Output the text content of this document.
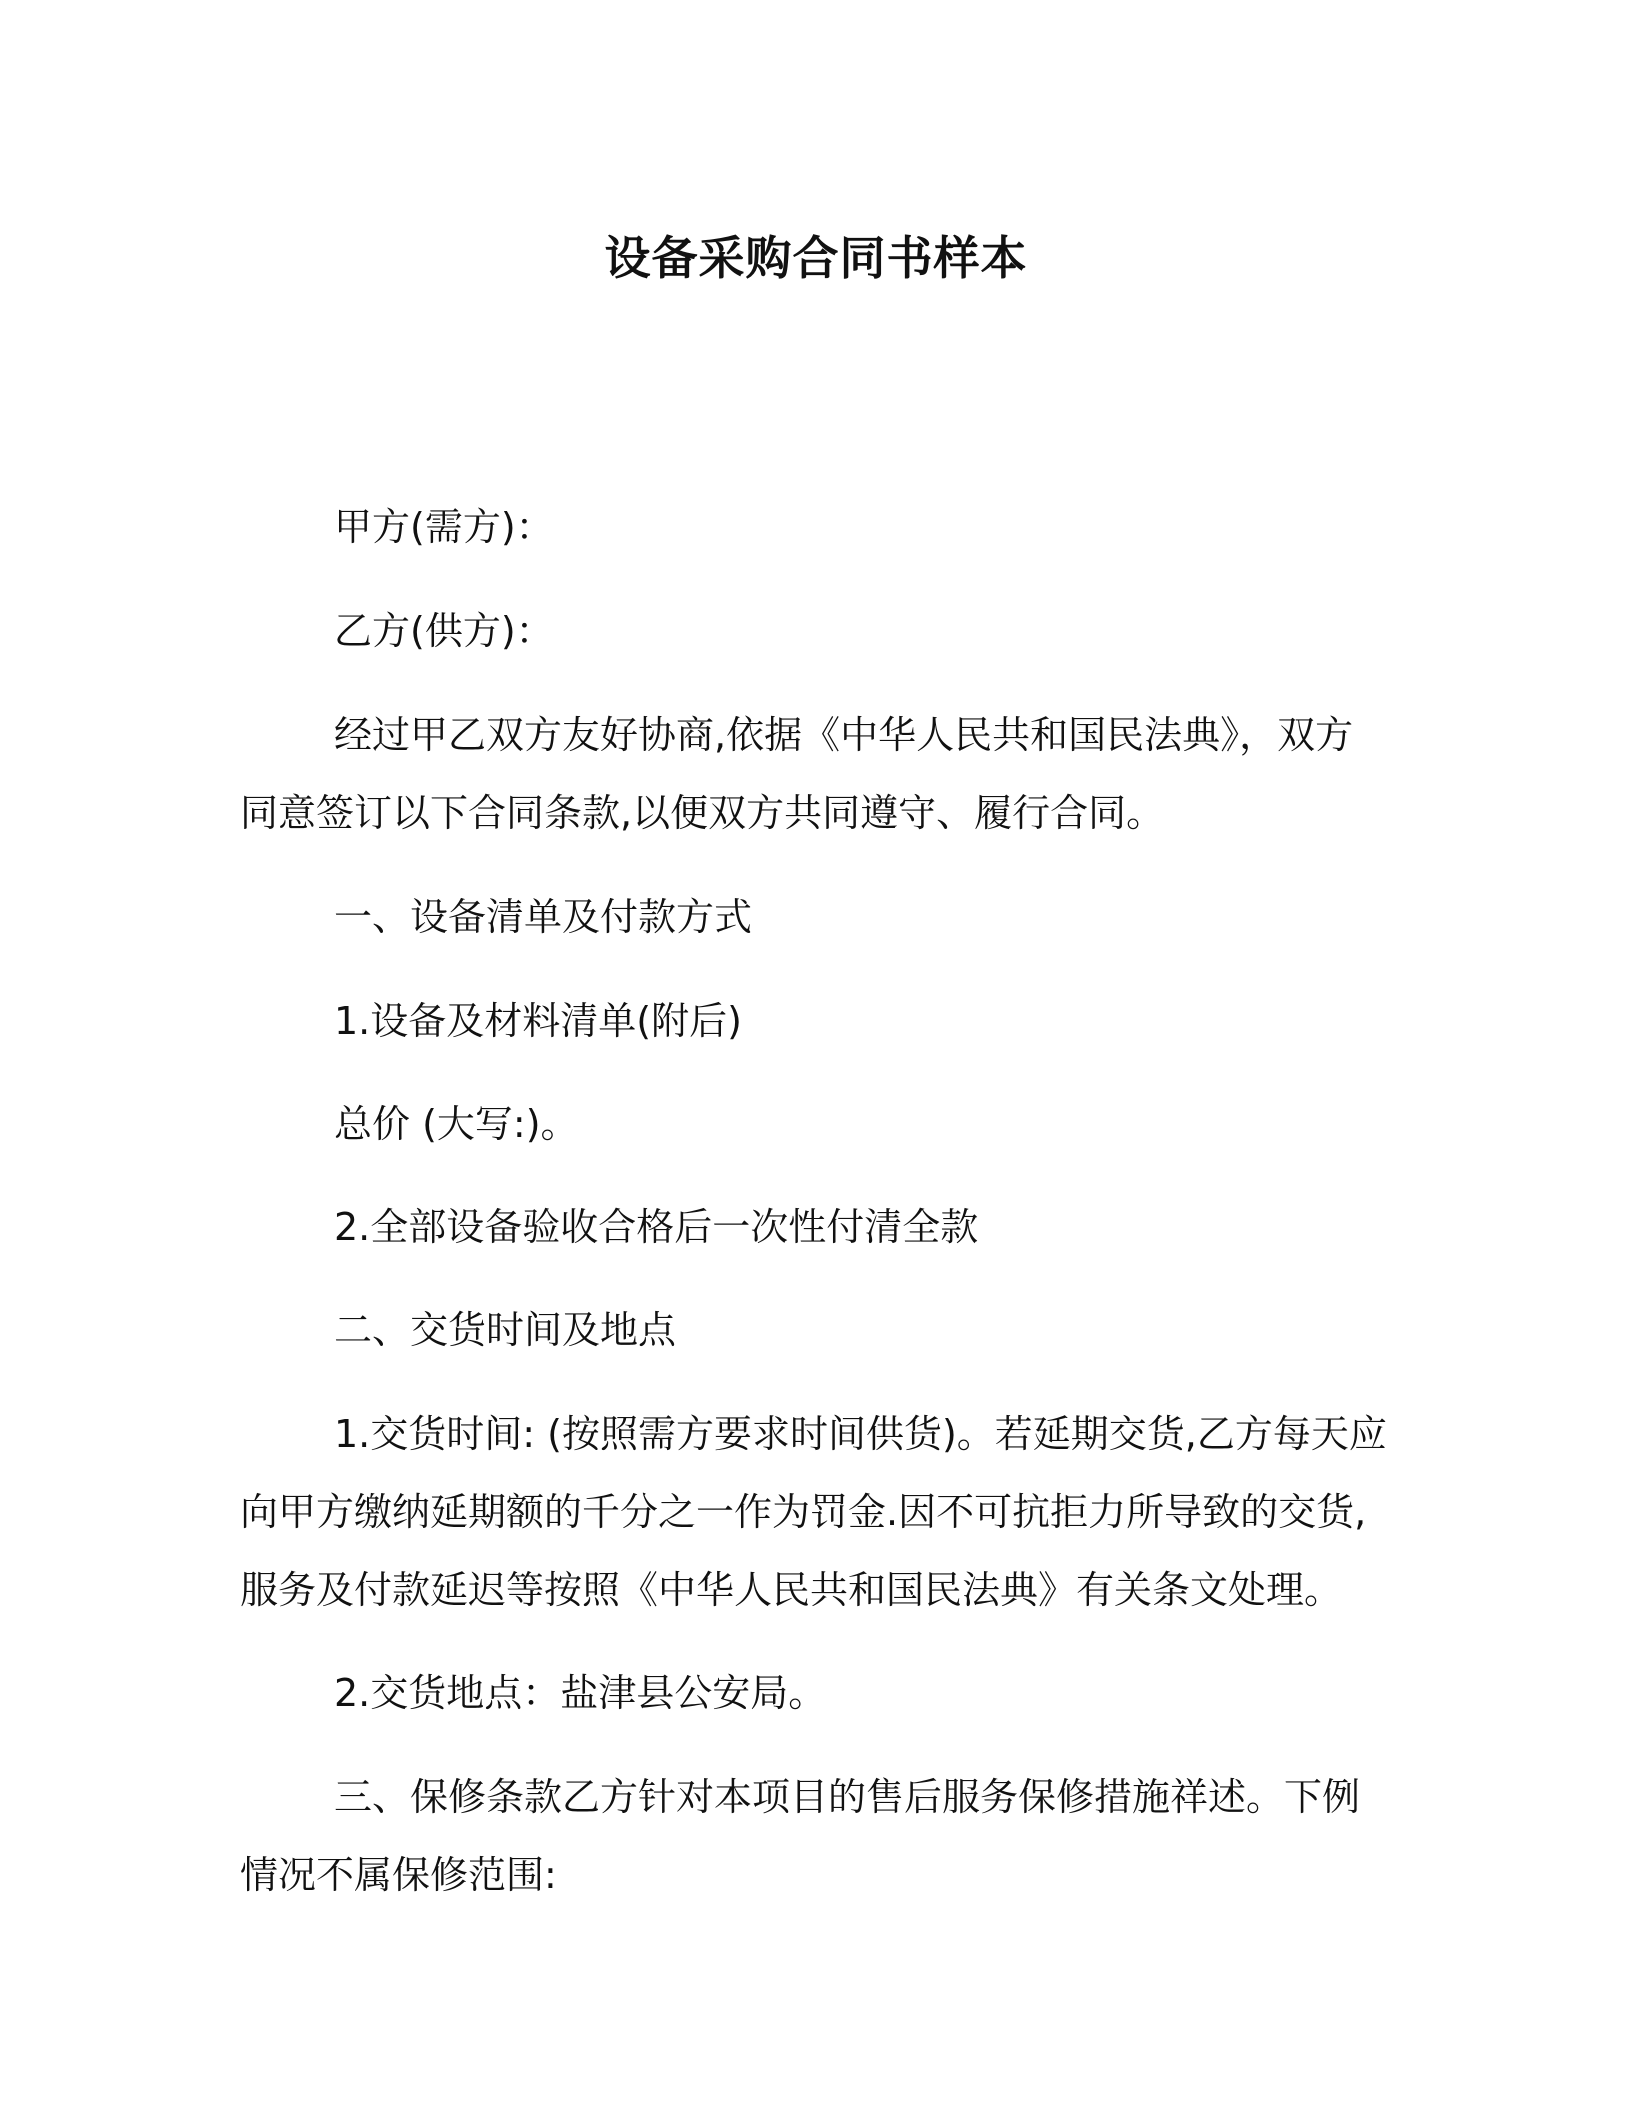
设备采购合同书样本

甲方(需方)：

乙方(供方)：

经过甲乙双方友好协商,依据《中华人民共和国民法典》，双方同意签订以下合同条款,以便双方共同遵守、履行合同。

一、设备清单及付款方式

1.设备及材料清单(附后)

总价 (大写:)。

2.全部设备验收合格后一次性付清全款

二、交货时间及地点

1.交货时间: (按照需方要求时间供货)。若延期交货,乙方每天应向甲方缴纳延期额的千分之一作为罚金.因不可抗拒力所导致的交货,服务及付款延迟等按照《中华人民共和国民法典》有关条文处理。

2.交货地点：盐津县公安局。

三、保修条款乙方针对本项目的售后服务保修措施祥述。下例情况不属保修范围:
